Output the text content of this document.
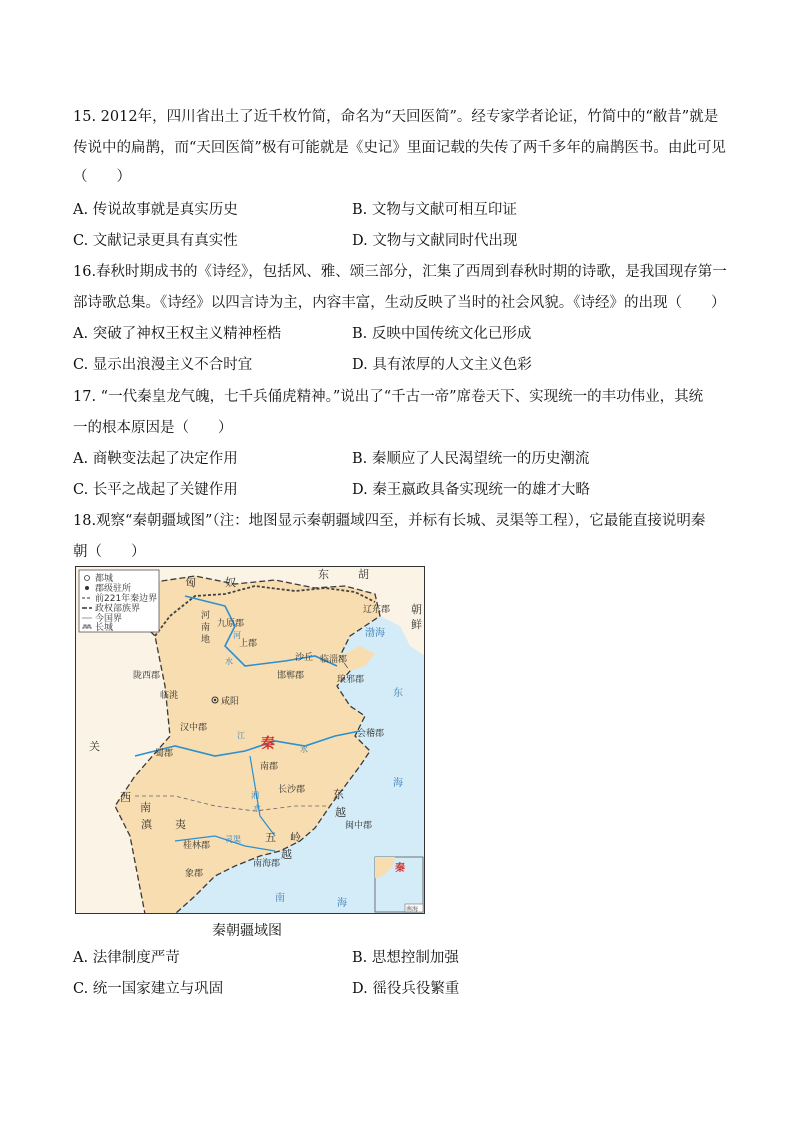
15. 2012年，四川省出土了近千枚竹简，命名为“天回医简”。经专家学者论证，竹简中的“敝昔”就是
传说中的扁鹊，而“天回医简”极有可能就是《史记》里面记载的失传了两千多年的扁鹊医书。由此可见
（　　）
A. 传说故事就是真实历史	B. 文物与文献可相互印证
C. 文献记录更具有真实性	D. 文物与文献同时代出现
16.春秋时期成书的《诗经》，包括风、雅、颂三部分，汇集了西周到春秋时期的诗歌，是我国现存第一
部诗歌总集。《诗经》以四言诗为主，内容丰富，生动反映了当时的社会风貌。《诗经》的出现（　　）
A. 突破了神权王权主义精神桎梏	B. 反映中国传统文化已形成
C. 显示出浪漫主义不合时宜	D. 具有浓厚的人文主义色彩
17. “一代秦皇龙气魄，七千兵俑虎精神。”说出了“千古一帝”席卷天下、实现统一的丰功伟业，其统
一的根本原因是（　　）
A. 商鞅变法起了决定作用	B. 秦顺应了人民渴望统一的历史潮流
C. 长平之战起了关键作用	D. 秦王嬴政具备实现统一的雄才大略
18.观察“秦朝疆域图”（注：地图显示秦朝疆域四至，并标有长城、灵渠等工程），它最能直接说明秦
朝（　　）
都城
郡级驻所
前221年秦边界
政权部族界
今国界
长城
匈	奴
东	胡
朝
鲜
关	秦
西
滇
南
夷
五 岭
越
东
越
河
南
地
咸阳
九原郡
上郡
陇西郡
临洮
汉中郡
蜀郡
南郡
长沙郡
桂林郡
象郡
南海郡
闽中郡
会稽郡
琅邪郡
临淄郡
邯郸郡
沙丘
辽东郡
灵渠
河
水
江
水
湘
水
渤海
东
海
南	海
秦
南海
秦朝疆域图
A. 法律制度严苛	B. 思想控制加强
C. 统一国家建立与巩固	D. 徭役兵役繁重
